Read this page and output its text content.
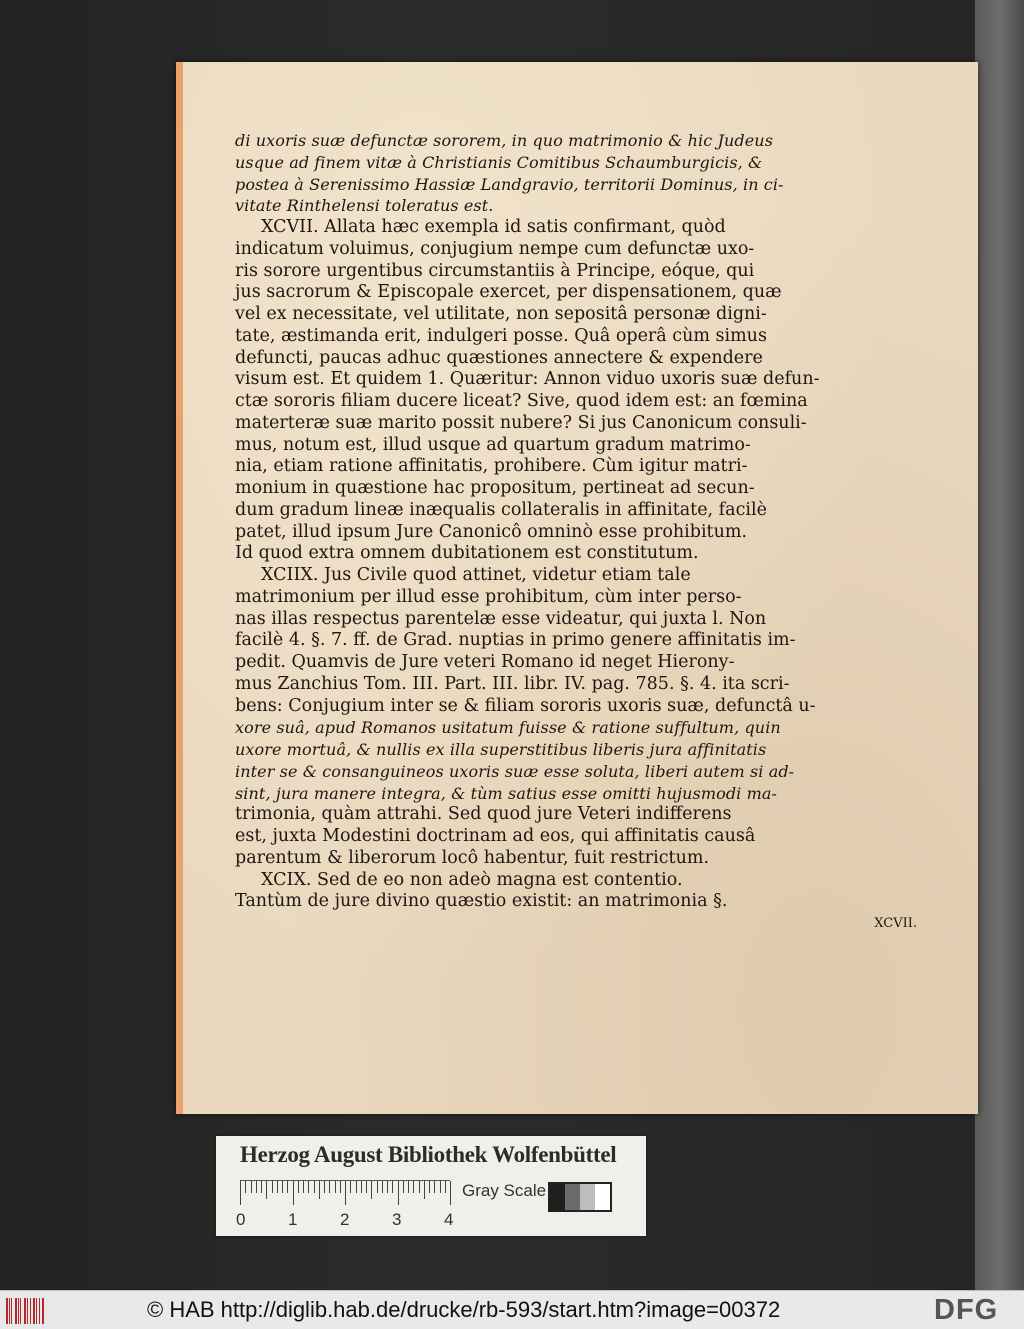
di uxoris suæ defunctæ sororem, in quo matrimonio & hic Judeus
usque ad finem vitæ à Christianis Comitibus Schaumburgicis, &
postea à Serenissimo Hassiæ Landgravio, territorii Dominus, in ci-
vitate Rinthelensi toleratus est.
XCVII. Allata hæc exempla id satis confirmant, quòd
indicatum voluimus, conjugium nempe cum defunctæ uxo-
ris sorore urgentibus circumstantiis à Principe, eóque, qui
jus sacrorum & Episcopale exercet, per dispensationem, quæ
vel ex necessitate, vel utilitate, non sepositâ personæ digni-
tate, æstimanda erit, indulgeri posse. Quâ operâ cùm simus
defuncti, paucas adhuc quæstiones annectere & expendere
visum est. Et quidem 1. Quæritur: Annon viduo uxoris suæ defun-
ctæ sororis filiam ducere liceat? Sive, quod idem est: an fœmina
materteræ suæ marito possit nubere? Si jus Canonicum consuli-
mus, notum est, illud usque ad quartum gradum matrimo-
nia, etiam ratione affinitatis, prohibere. Cùm igitur matri-
monium in quæstione hac propositum, pertineat ad secun-
dum gradum lineæ inæqualis collateralis in affinitate, facilè
patet, illud ipsum Jure Canonicô omninò esse prohibitum.
Id quod extra omnem dubitationem est constitutum.
XCIIX. Jus Civile quod attinet, videtur etiam tale
matrimonium per illud esse prohibitum, cùm inter perso-
nas illas respectus parentelæ esse videatur, qui juxta l. Non
facilè 4. §. 7. ff. de Grad. nuptias in primo genere affinitatis im-
pedit. Quamvis de Jure veteri Romano id neget Hierony-
mus Zanchius Tom. III. Part. III. libr. IV. pag. 785. §. 4. ita scri-
bens: Conjugium inter se & filiam sororis uxoris suæ, defunctâ u-
xore suâ, apud Romanos usitatum fuisse & ratione suffultum, quin
uxore mortuâ, & nullis ex illa superstitibus liberis jura affinitatis
inter se & consanguineos uxoris suæ esse soluta, liberi autem si ad-
sint, jura manere integra, & tùm satius esse omitti hujusmodi ma-
trimonia, quàm attrahi. Sed quod jure Veteri indifferens
est, juxta Modestini doctrinam ad eos, qui affinitatis causâ
parentum & liberorum locô habentur, fuit restrictum.
XCIX. Sed de eo non adeò magna est contentio.
Tantùm de jure divino quæstio existit: an matrimonia §.
XCVII.
Herzog August Bibliothek Wolfenbüttel
0	1	2	3	4
Gray Scale
© HAB http://diglib.hab.de/drucke/rb-593/start.htm?image=00372	DFG
